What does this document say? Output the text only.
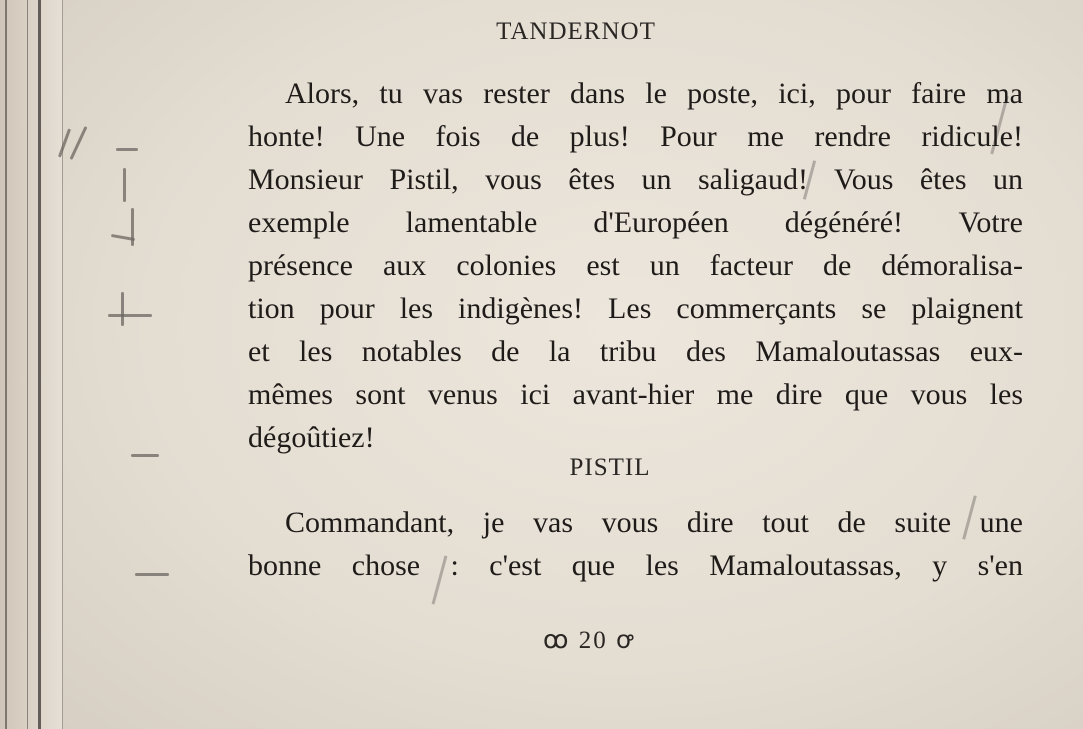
TANDERNOT
Alors, tu vas rester dans le poste, ici, pour faire ma
honte! Une fois de plus! Pour me rendre ridicule!
Monsieur Pistil, vous êtes un saligaud! Vous êtes un
exemple lamentable d'Européen dégénéré! Votre
présence aux colonies est un facteur de démoralisa-
tion pour les indigènes! Les commerçants se plaignent
et les notables de la tribu des Mamaloutassas eux-
mêmes sont venus ici avant-hier me dire que vous les
dégoûtiez!
PISTIL
Commandant, je vas vous dire tout de suite une
bonne chose : c'est que les Mamaloutassas, y s'en
ꝏ 20 ꝍ
